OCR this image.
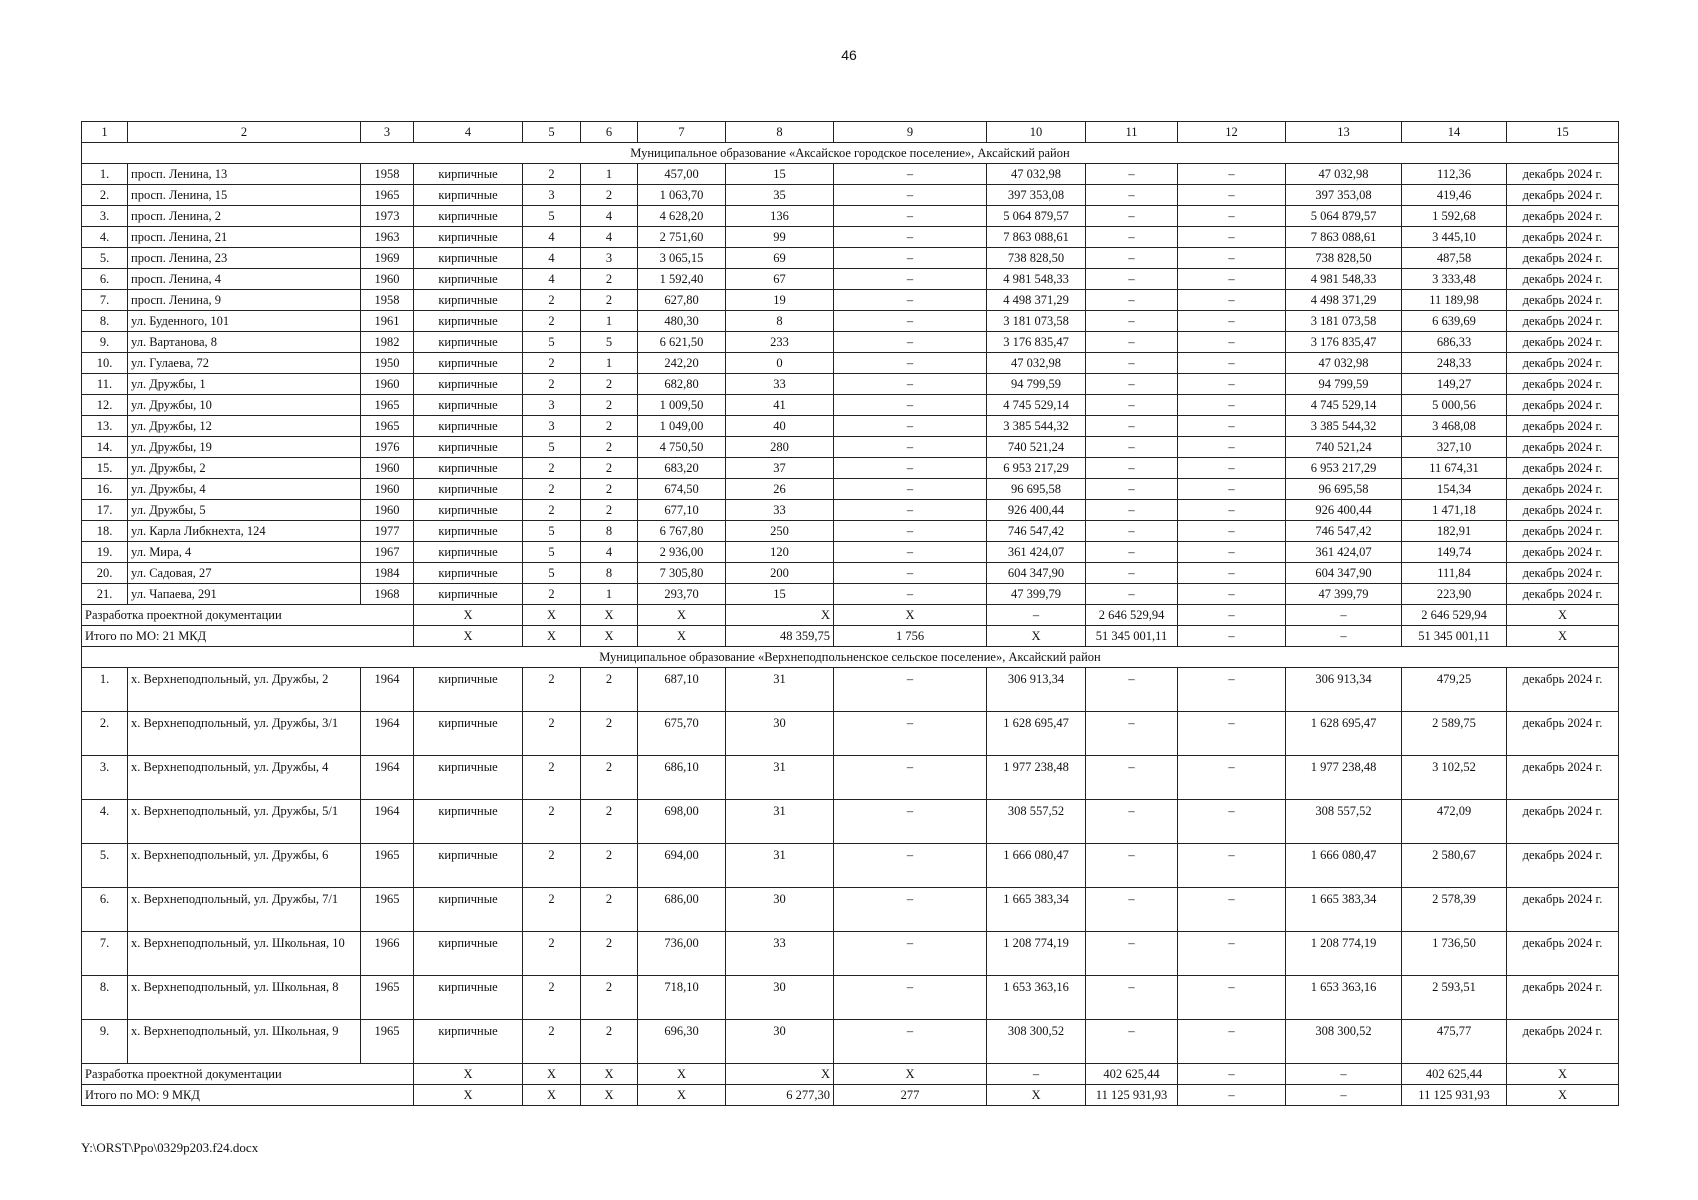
46
1	2	3	4	5	6	7	8	9	10	11	12	13	14	15	
Муниципальное образование «Аксайское городское поселение», Аксайский район															
1.	просп. Ленина, 13	1958	кирпичные	2	1	457,00	15	–	47 032,98	–	–	47 032,98	112,36	декабрь 2024 г.	
2.	просп. Ленина, 15	1965	кирпичные	3	2	1 063,70	35	–	397 353,08	–	–	397 353,08	419,46	декабрь 2024 г.	
3.	просп. Ленина, 2	1973	кирпичные	5	4	4 628,20	136	–	5 064 879,57	–	–	5 064 879,57	1 592,68	декабрь 2024 г.	
4.	просп. Ленина, 21	1963	кирпичные	4	4	2 751,60	99	–	7 863 088,61	–	–	7 863 088,61	3 445,10	декабрь 2024 г.	
5.	просп. Ленина, 23	1969	кирпичные	4	3	3 065,15	69	–	738 828,50	–	–	738 828,50	487,58	декабрь 2024 г.	
6.	просп. Ленина, 4	1960	кирпичные	4	2	1 592,40	67	–	4 981 548,33	–	–	4 981 548,33	3 333,48	декабрь 2024 г.	
7.	просп. Ленина, 9	1958	кирпичные	2	2	627,80	19	–	4 498 371,29	–	–	4 498 371,29	11 189,98	декабрь 2024 г.	
8.	ул. Буденного, 101	1961	кирпичные	2	1	480,30	8	–	3 181 073,58	–	–	3 181 073,58	6 639,69	декабрь 2024 г.	
9.	ул. Вартанова, 8	1982	кирпичные	5	5	6 621,50	233	–	3 176 835,47	–	–	3 176 835,47	686,33	декабрь 2024 г.	
10.	ул. Гулаева, 72	1950	кирпичные	2	1	242,20	0	–	47 032,98	–	–	47 032,98	248,33	декабрь 2024 г.	
11.	ул. Дружбы, 1	1960	кирпичные	2	2	682,80	33	–	94 799,59	–	–	94 799,59	149,27	декабрь 2024 г.	
12.	ул. Дружбы, 10	1965	кирпичные	3	2	1 009,50	41	–	4 745 529,14	–	–	4 745 529,14	5 000,56	декабрь 2024 г.	
13.	ул. Дружбы, 12	1965	кирпичные	3	2	1 049,00	40	–	3 385 544,32	–	–	3 385 544,32	3 468,08	декабрь 2024 г.	
14.	ул. Дружбы, 19	1976	кирпичные	5	2	4 750,50	280	–	740 521,24	–	–	740 521,24	327,10	декабрь 2024 г.	
15.	ул. Дружбы, 2	1960	кирпичные	2	2	683,20	37	–	6 953 217,29	–	–	6 953 217,29	11 674,31	декабрь 2024 г.	
16.	ул. Дружбы, 4	1960	кирпичные	2	2	674,50	26	–	96 695,58	–	–	96 695,58	154,34	декабрь 2024 г.	
17.	ул. Дружбы, 5	1960	кирпичные	2	2	677,10	33	–	926 400,44	–	–	926 400,44	1 471,18	декабрь 2024 г.	
18.	ул. Карла Либкнехта, 124	1977	кирпичные	5	8	6 767,80	250	–	746 547,42	–	–	746 547,42	182,91	декабрь 2024 г.	
19.	ул. Мира, 4	1967	кирпичные	5	4	2 936,00	120	–	361 424,07	–	–	361 424,07	149,74	декабрь 2024 г.	
20.	ул. Садовая, 27	1984	кирпичные	5	8	7 305,80	200	–	604 347,90	–	–	604 347,90	111,84	декабрь 2024 г.	
21.	ул. Чапаева, 291	1968	кирпичные	2	1	293,70	15	–	47 399,79	–	–	47 399,79	223,90	декабрь 2024 г.	
Разработка проектной документации			Х	Х	Х	Х	Х	Х	–	2 646 529,94	–	–	2 646 529,94	Х	
Итого по МО: 21 МКД			Х	Х	Х	Х	48 359,75	1 756	Х	51 345 001,11	–	–	51 345 001,11	Х	
Муниципальное образование «Верхнеподпольненское сельское поселение», Аксайский район															
1.	х. Верхнеподпольный, ул. Дружбы, 2	1964	кирпичные	2	2	687,10	31	–	306 913,34	–	–	306 913,34	479,25	декабрь 2024 г.	
2.	х. Верхнеподпольный, ул. Дружбы, 3/1	1964	кирпичные	2	2	675,70	30	–	1 628 695,47	–	–	1 628 695,47	2 589,75	декабрь 2024 г.	
3.	х. Верхнеподпольный, ул. Дружбы, 4	1964	кирпичные	2	2	686,10	31	–	1 977 238,48	–	–	1 977 238,48	3 102,52	декабрь 2024 г.	
4.	х. Верхнеподпольный, ул. Дружбы, 5/1	1964	кирпичные	2	2	698,00	31	–	308 557,52	–	–	308 557,52	472,09	декабрь 2024 г.	
5.	х. Верхнеподпольный, ул. Дружбы, 6	1965	кирпичные	2	2	694,00	31	–	1 666 080,47	–	–	1 666 080,47	2 580,67	декабрь 2024 г.	
6.	х. Верхнеподпольный, ул. Дружбы, 7/1	1965	кирпичные	2	2	686,00	30	–	1 665 383,34	–	–	1 665 383,34	2 578,39	декабрь 2024 г.	
7.	х. Верхнеподпольный, ул. Школьная, 10	1966	кирпичные	2	2	736,00	33	–	1 208 774,19	–	–	1 208 774,19	1 736,50	декабрь 2024 г.	
8.	х. Верхнеподпольный, ул. Школьная, 8	1965	кирпичные	2	2	718,10	30	–	1 653 363,16	–	–	1 653 363,16	2 593,51	декабрь 2024 г.	
9.	х. Верхнеподпольный, ул. Школьная, 9	1965	кирпичные	2	2	696,30	30	–	308 300,52	–	–	308 300,52	475,77	декабрь 2024 г.	
Разработка проектной документации			Х	Х	Х	Х	Х	Х	–	402 625,44	–	–	402 625,44	Х	
Итого по МО: 9 МКД			Х	Х	Х	Х	6 277,30	277	Х	11 125 931,93	–	–	11 125 931,93	Х	
Y:\ORST\Ppo\0329p203.f24.docx
